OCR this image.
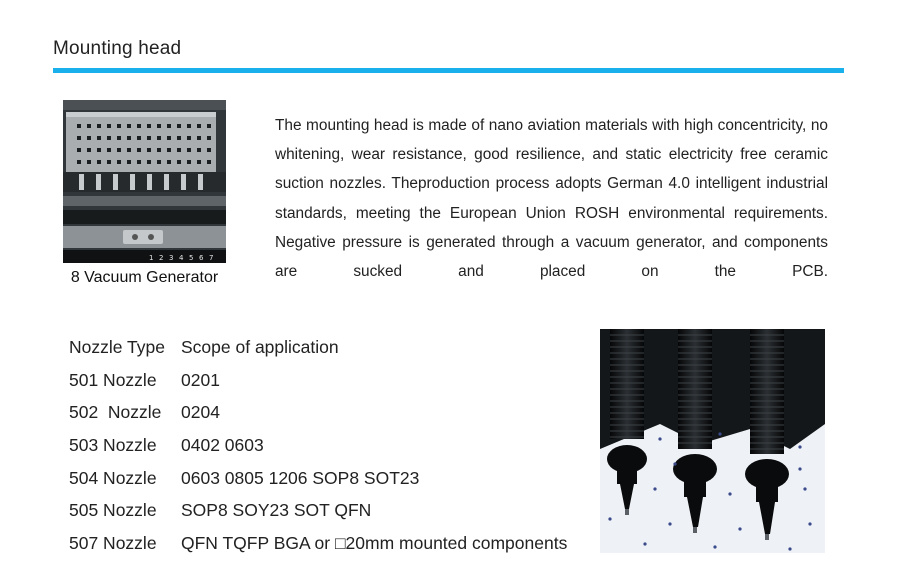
Mounting head
1 2 3 4 5 6 7
8 Vacuum Generator

The mounting head is made of nano aviation materials with high concentricity, no whitening, wear resistance, good resilience, and static electricity free ceramic suction nozzles. Theproduction process adopts German 4.0 intelligent industrial standards, meeting the European Union ROSH environmental requirements. Negative pressure is generated through a vacuum generator, and components are sucked and placed on the PCB.

Nozzle Type	Scope of application
501 Nozzle	0201
502  Nozzle	0204
503 Nozzle	0402 0603
504 Nozzle	0603 0805 1206 SOP8 SOT23
505 Nozzle	SOP8 SOY23 SOT QFN
507 Nozzle	QFN TQFP BGA or □20mm mounted components
